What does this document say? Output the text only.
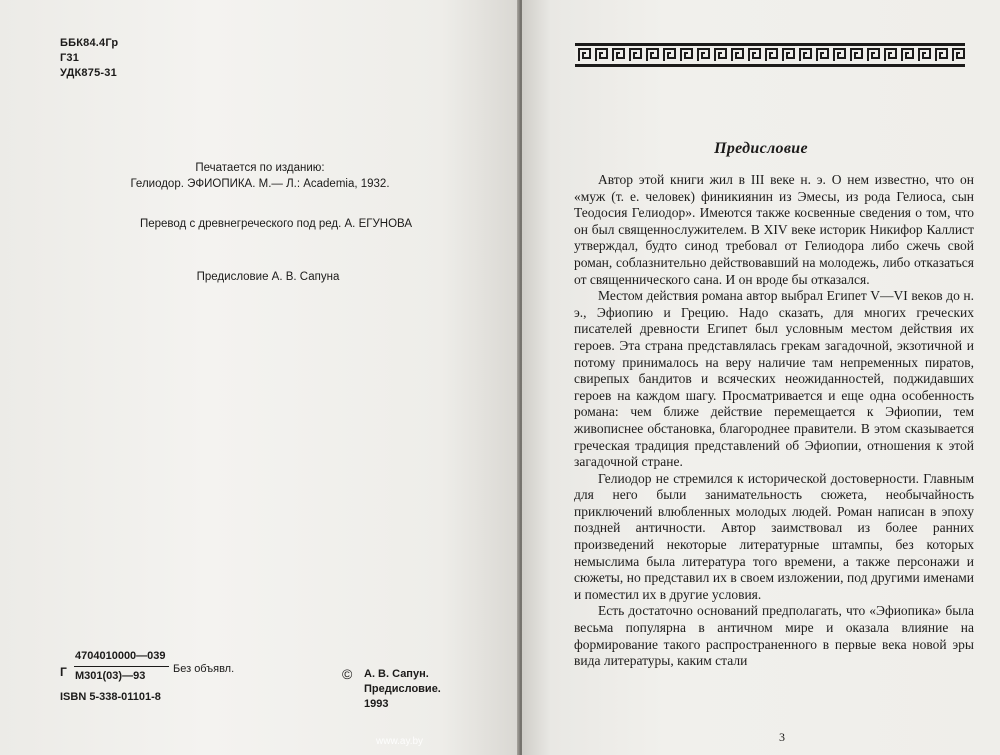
ББК84.4Гр
Г31
УДК875-31

Печатается по изданию:

Гелиодор. ЭФИОПИКА. М.— Л.: Academia, 1932.

Перевод с древнегреческого под ред. А. ЕГУНОВА
Предисловие А. В. Сапуна
Г
4704010000—039
М301(03)—93
Без объявл.
ISBN 5-338-01101-8
© А. В. Сапун.
Предисловие.
1993
Предисловие

Автор этой книги жил в III веке н. э. О нем известно, что он «муж (т. е. человек) финикиянин из Эмесы, из рода Гелиоса, сын Теодосия Гелиодор». Имеются также косвенные сведения о том, что он был священнослужителем. В XIV веке историк Никифор Каллист утверждал, будто синод требовал от Гелиодора либо сжечь свой роман, соблазнительно действовавший на молодежь, либо отказаться от священнического сана. И он вроде бы отказался.

Местом действия романа автор выбрал Египет V—VI веков до н. э., Эфиопию и Грецию. Надо сказать, для многих греческих писателей древности Египет был условным местом действия их героев. Эта страна представлялась грекам загадочной, экзотичной и потому принималось на веру наличие там непременных пиратов, свирепых бандитов и всяческих неожиданностей, поджидавших героев на каждом шагу. Просматривается и еще одна особенность романа: чем ближе действие перемещается к Эфиопии, тем живописнее обстановка, благороднее правители. В этом сказывается греческая традиция представлений об Эфиопии, отношения к этой загадочной стране.

Гелиодор не стремился к исторической достоверности. Главным для него были занимательность сюжета, необычайность приключений влюбленных молодых людей. Роман написан в эпоху поздней античности. Автор заимствовал из более ранних произведений некоторые литературные штампы, без которых немыслима была литература того времени, а также персонажи и сюжеты, но представил их в своем изложении, под другими именами и поместил их в другие условия.

Есть достаточно оснований предполагать, что «Эфиопика» была весьма популярна в античном мире и оказала влияние на формирование такого распространенного в первые века новой эры вида литературы, каким стали

3
www.ay.by
